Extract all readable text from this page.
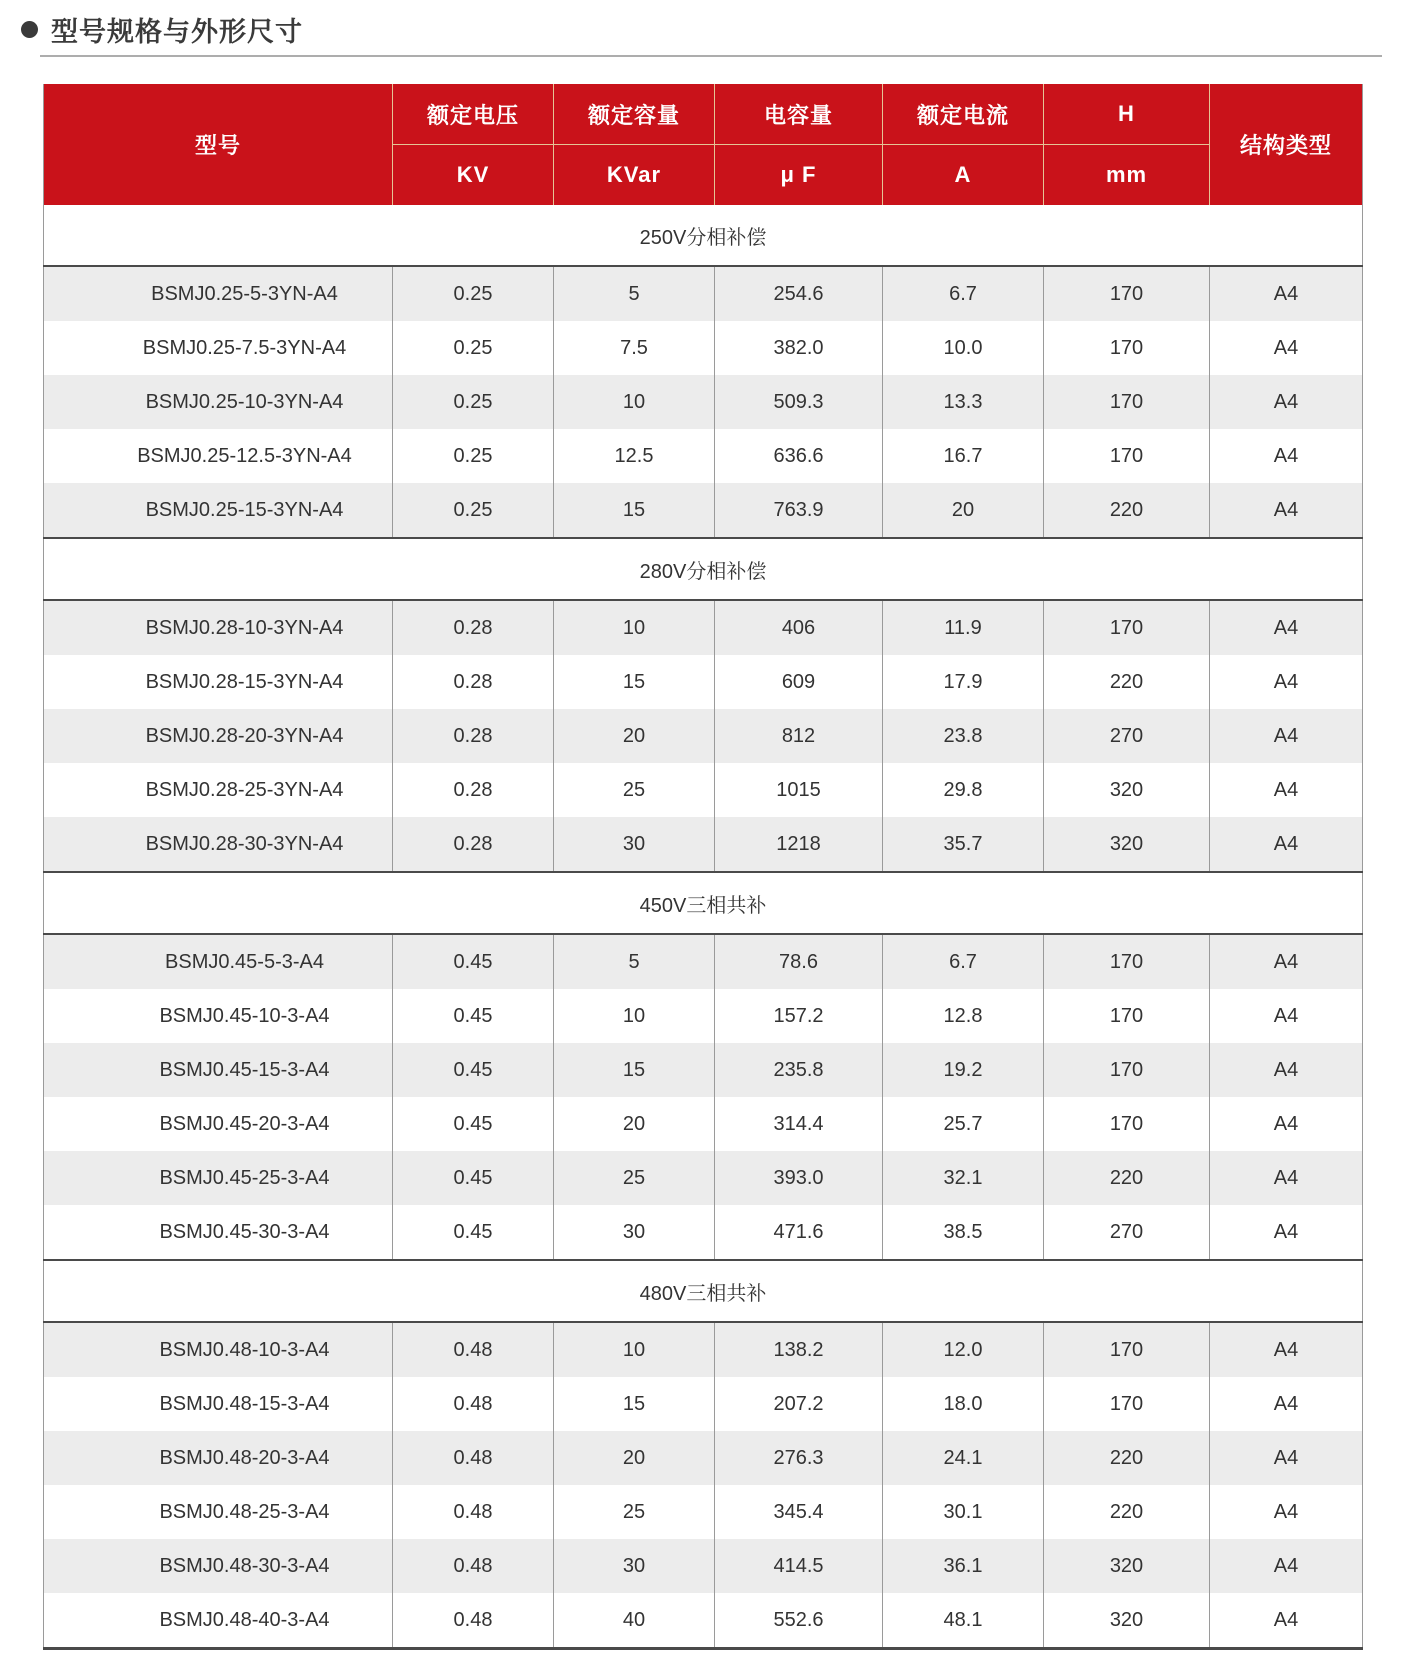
型号规格与外形尺寸
型号	额定电压	额定容量	电容量	额定电流	H	结构类型
	KV	KVar	μ F	A	mm	
250V分相补偿						
BSMJ0.25-5-3YN-A4	0.25	5	254.6	6.7	170	A4
BSMJ0.25-7.5-3YN-A4	0.25	7.5	382.0	10.0	170	A4
BSMJ0.25-10-3YN-A4	0.25	10	509.3	13.3	170	A4
BSMJ0.25-12.5-3YN-A4	0.25	12.5	636.6	16.7	170	A4
BSMJ0.25-15-3YN-A4	0.25	15	763.9	20	220	A4
280V分相补偿						
BSMJ0.28-10-3YN-A4	0.28	10	406	11.9	170	A4
BSMJ0.28-15-3YN-A4	0.28	15	609	17.9	220	A4
BSMJ0.28-20-3YN-A4	0.28	20	812	23.8	270	A4
BSMJ0.28-25-3YN-A4	0.28	25	1015	29.8	320	A4
BSMJ0.28-30-3YN-A4	0.28	30	1218	35.7	320	A4
450V三相共补						
BSMJ0.45-5-3-A4	0.45	5	78.6	6.7	170	A4
BSMJ0.45-10-3-A4	0.45	10	157.2	12.8	170	A4
BSMJ0.45-15-3-A4	0.45	15	235.8	19.2	170	A4
BSMJ0.45-20-3-A4	0.45	20	314.4	25.7	170	A4
BSMJ0.45-25-3-A4	0.45	25	393.0	32.1	220	A4
BSMJ0.45-30-3-A4	0.45	30	471.6	38.5	270	A4
480V三相共补						
BSMJ0.48-10-3-A4	0.48	10	138.2	12.0	170	A4
BSMJ0.48-15-3-A4	0.48	15	207.2	18.0	170	A4
BSMJ0.48-20-3-A4	0.48	20	276.3	24.1	220	A4
BSMJ0.48-25-3-A4	0.48	25	345.4	30.1	220	A4
BSMJ0.48-30-3-A4	0.48	30	414.5	36.1	320	A4
BSMJ0.48-40-3-A4	0.48	40	552.6	48.1	320	A4
